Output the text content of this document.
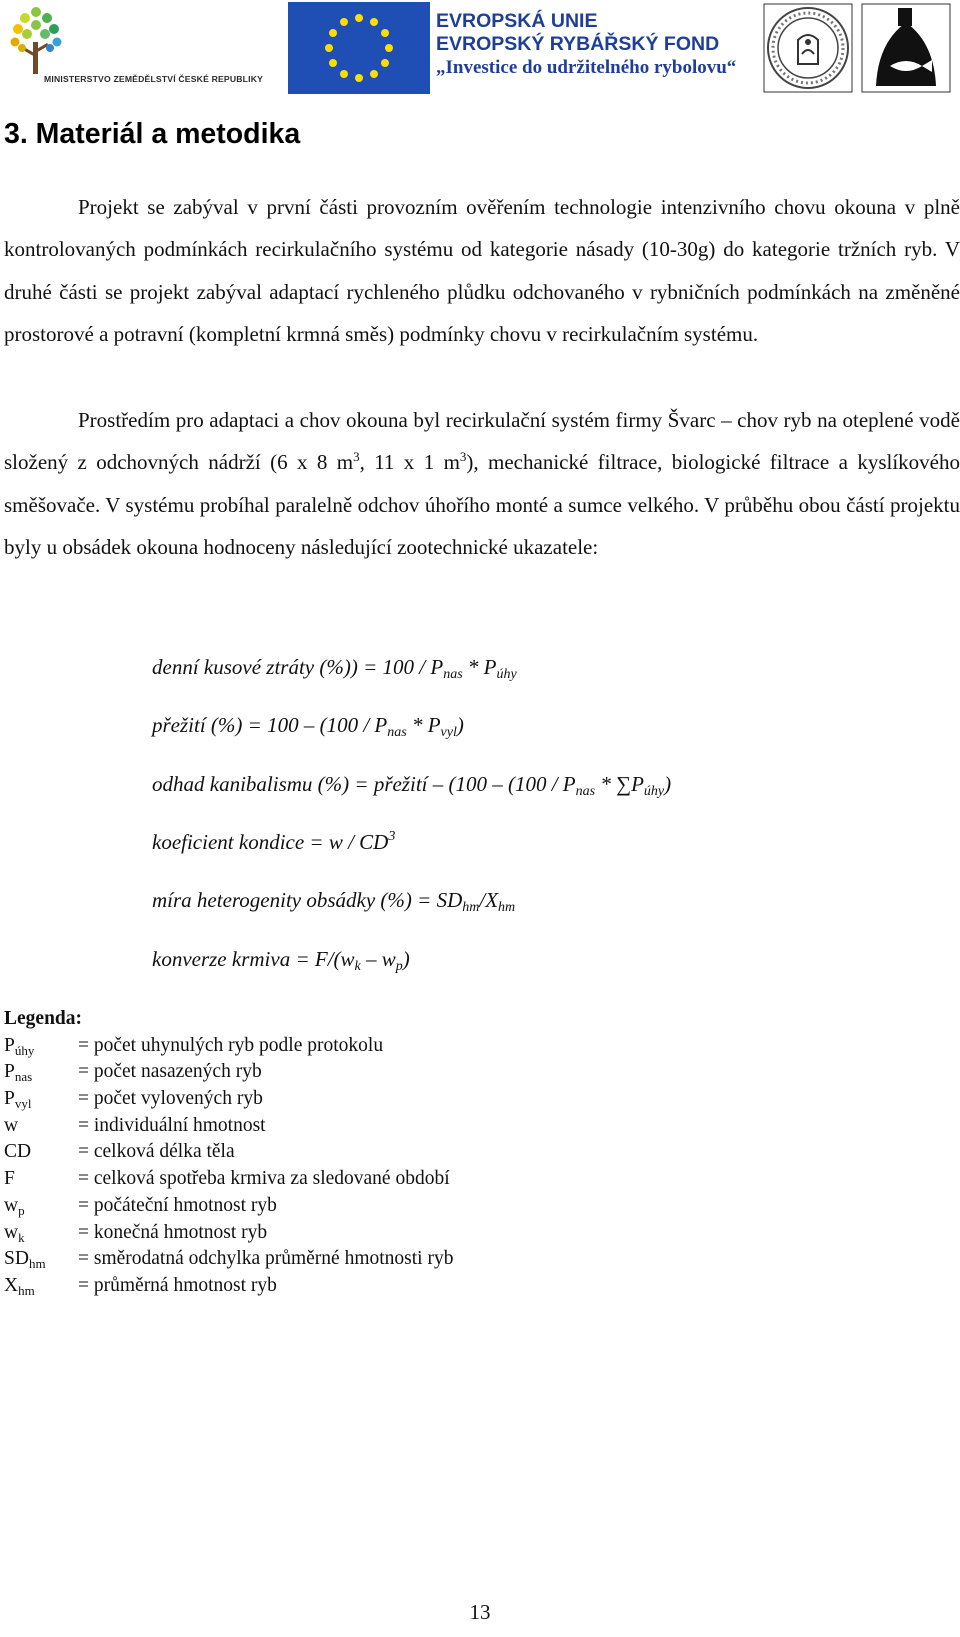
MINISTERSTVO ZEMĚDĚLSTVÍ ČESKÉ REPUBLIKY
EVROPSKÁ UNIE
EVROPSKÝ RYBÁŘSKÝ FOND
„Investice do udržitelného rybolovu“
3. Materiál a metodika

Projekt se zabýval v první části provozním ověřením technologie intenzivního chovu okouna v plně kontrolovaných podmínkách recirkulačního systému od kategorie násady (10-30g) do kategorie tržních ryb. V druhé části se projekt zabýval adaptací rychleného plůdku odchovaného v rybničních podmínkách na změněné prostorové a potravní (kompletní krmná směs) podmínky chovu v recirkulačním systému.

Prostředím pro adaptaci a chov okouna byl recirkulační systém firmy Švarc – chov ryb na oteplené vodě složený z odchovných nádrží (6 x 8 $m^3$, 11 x 1 $m^3$), mechanické filtrace, biologické filtrace a kyslíkového směšovače. V systému probíhal paralelně odchov úhořího monté a sumce velkého. V průběhu obou částí projektu byly u obsádek okouna hodnoceny následující zootechnické ukazatele:

denní kusové ztráty (%)) = $100 / P_{nas} * P_{úhy}$
přežití (%) = $100 - (100 / P_{nas} * P_{vyl})$
odhad kanibalismu (%) = přežití – ($100 - (100 / P_{nas} * \sum P_{úhy})$
koeficient kondice = w / $CD^3$
míra heterogenity obsádky (%) = $SD_{hm}/X_{hm}$
konverze krmiva = $F/(w_k - w_p)$
Legenda:
$P_{úhy}$ = počet uhynulých ryb podle protokolu
$P_{nas}$ = počet nasazených ryb
$P_{vyl}$ = počet vylovených ryb
w	= individuální hmotnost
CD = celková délka těla
F	= celková spotřeba krmiva za sledované období
$w_p$	= počáteční hmotnost ryb
$w_k$	= konečná hmotnost ryb
$SD_{hm}$ = směrodatná odchylka průměrné hmotnosti ryb
$X_{hm}$ = průměrná hmotnost ryb
13
